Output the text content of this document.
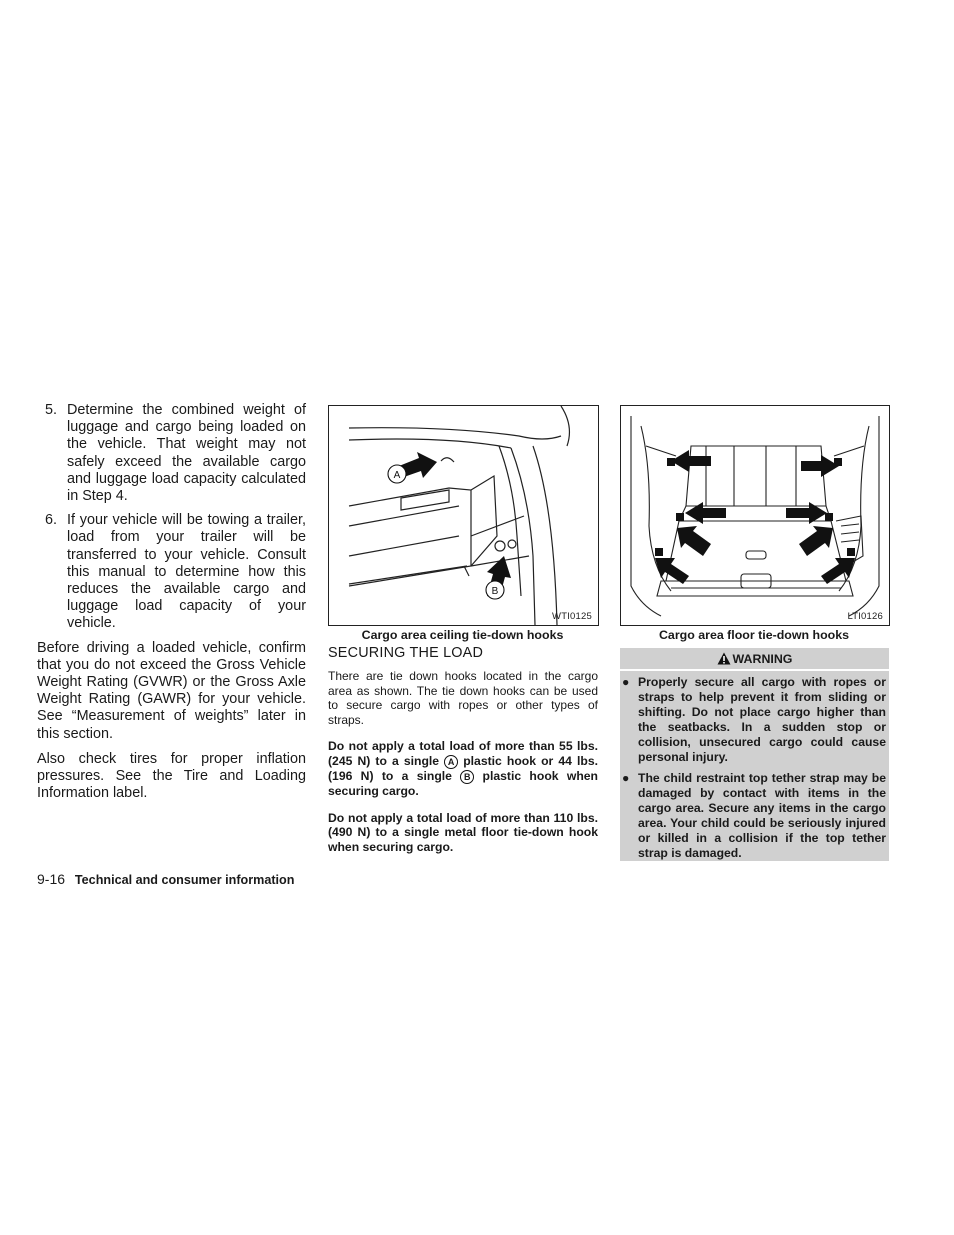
5. Determine the combined weight of luggage and cargo being loaded on the vehicle. That weight may not safely exceed the available cargo and luggage load capacity calculated in Step 4.
6. If your vehicle will be towing a trailer, load from your trailer will be transferred to your vehicle. Consult this manual to determine how this reduces the available cargo and luggage load capacity of your vehicle.

Before driving a loaded vehicle, confirm that you do not exceed the Gross Vehicle Weight Rating (GVWR) or the Gross Axle Weight Rating (GAWR) for your vehicle. See “Measurement of weights” later in this section.

Also check tires for proper inflation pressures. See the Tire and Loading Information label.

A
B
WTI0125
Cargo area ceiling tie-down hooks
LTI0126
Cargo area floor tie-down hooks
SECURING THE LOAD

There are tie down hooks located in the cargo area as shown. The tie down hooks can be used to secure cargo with ropes or other types of straps.

Do not apply a total load of more than 55 lbs. (245 N) to a single A plastic hook or 44 lbs. (196 N) to a single B plastic hook when securing cargo.

Do not apply a total load of more than 110 lbs. (490 N) to a single metal floor tie-down hook when securing cargo.

WARNING
● Properly secure all cargo with ropes or straps to help prevent it from sliding or shifting. Do not place cargo higher than the seatbacks. In a sudden stop or collision, unsecured cargo could cause personal injury.
● The child restraint top tether strap may be damaged by contact with items in the cargo area. Secure any items in the cargo area. Your child could be seriously injured or killed in a collision if the top tether strap is damaged.
9-16 Technical and consumer information
